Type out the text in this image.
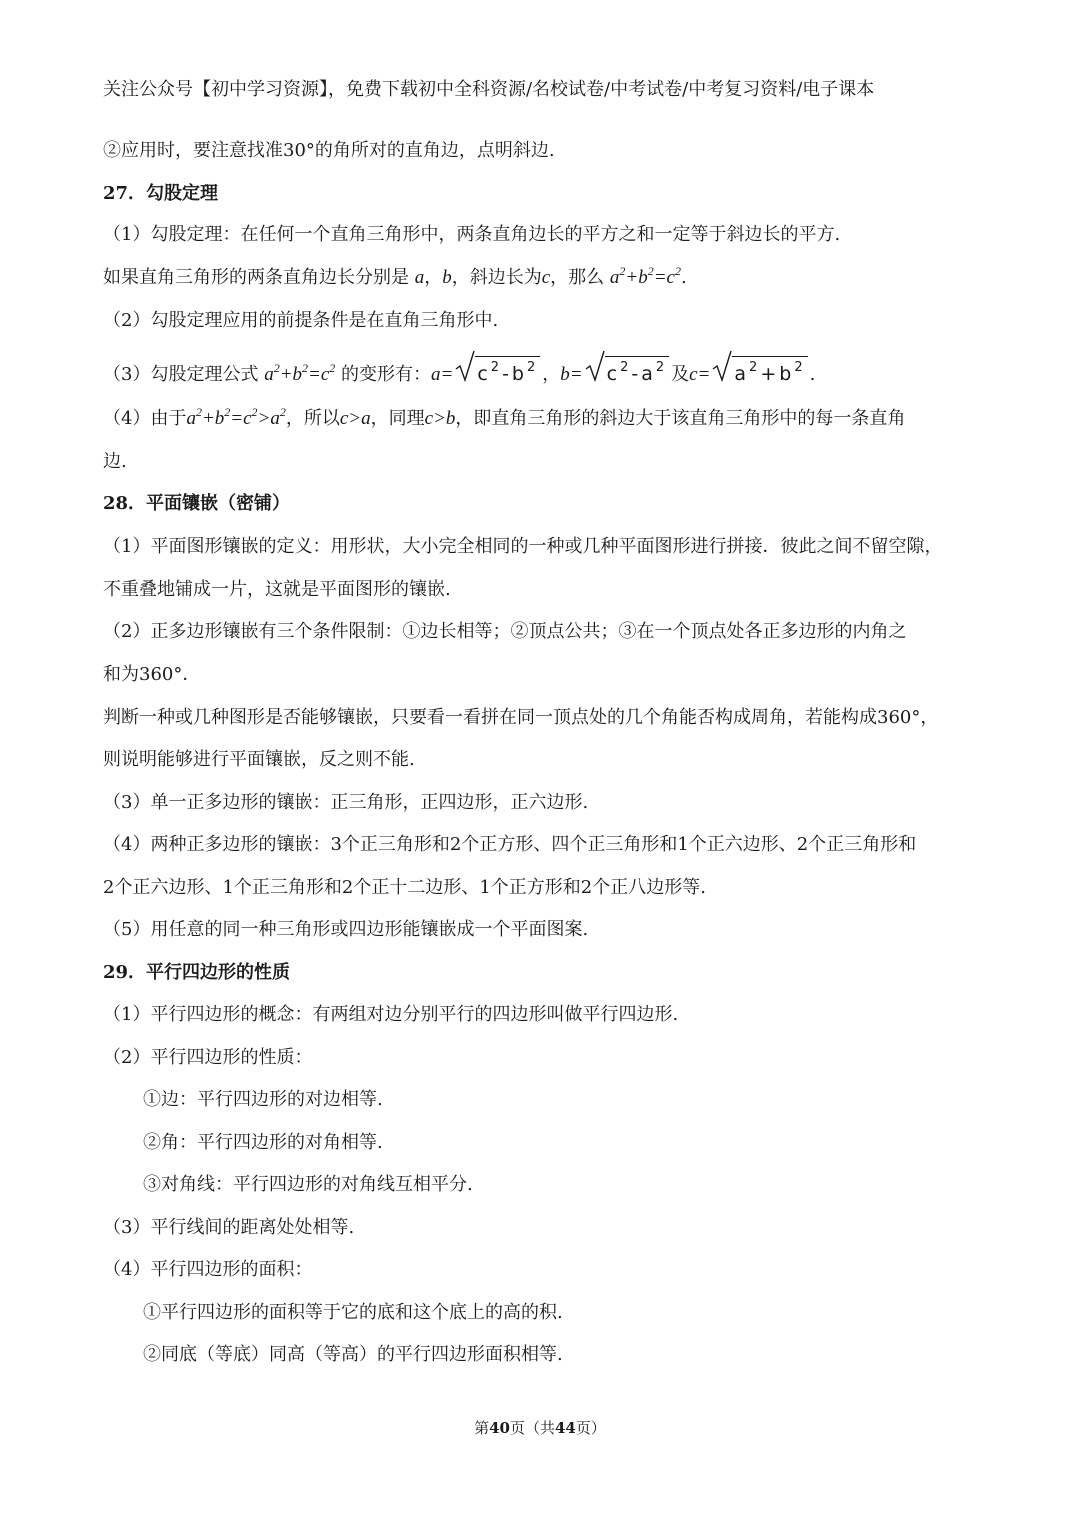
关注公众号【初中学习资源】，免费下载初中全科资源/名校试卷/中考试卷/中考复习资料/电子课本
②应用时，要注意找准30°的角所对的直角边，点明斜边.
27．勾股定理
（1）勾股定理：在任何一个直角三角形中，两条直角边长的平方之和一定等于斜边长的平方.
如果直角三角形的两条直角边长分别是 a，b，斜边长为c，那么 $a^2+b^2=c^2$.
（2）勾股定理应用的前提条件是在直角三角形中.
（3）勾股定理公式 $a^2+b^2=c^2$ 的变形有：$a= c^2-b^2$ ，$b= c^2-a^2$ 及$c= a^2+b^2$ .
（4）由于$a^2+b^2=c^2>a^2$，所以c>a，同理c>b，即直角三角形的斜边大于该直角三角形中的每一条直角
边.
28．平面镶嵌（密铺）
（1）平面图形镶嵌的定义：用形状，大小完全相同的一种或几种平面图形进行拼接．彼此之间不留空隙，
不重叠地铺成一片，这就是平面图形的镶嵌.
（2）正多边形镶嵌有三个条件限制：①边长相等；②顶点公共；③在一个顶点处各正多边形的内角之
和为360°．
判断一种或几种图形是否能够镶嵌，只要看一看拼在同一顶点处的几个角能否构成周角，若能构成360°，
则说明能够进行平面镶嵌，反之则不能.
（3）单一正多边形的镶嵌：正三角形，正四边形，正六边形.
（4）两种正多边形的镶嵌：3个正三角形和2个正方形、四个正三角形和1个正六边形、2个正三角形和
2个正六边形、1个正三角形和2个正十二边形、1个正方形和2个正八边形等.
（5）用任意的同一种三角形或四边形能镶嵌成一个平面图案.
29．平行四边形的性质
（1）平行四边形的概念：有两组对边分别平行的四边形叫做平行四边形.
（2）平行四边形的性质：
①边：平行四边形的对边相等.
②角：平行四边形的对角相等.
③对角线：平行四边形的对角线互相平分.
（3）平行线间的距离处处相等.
（4）平行四边形的面积：
①平行四边形的面积等于它的底和这个底上的高的积.
②同底（等底）同高（等高）的平行四边形面积相等.
第40页（共44页）
